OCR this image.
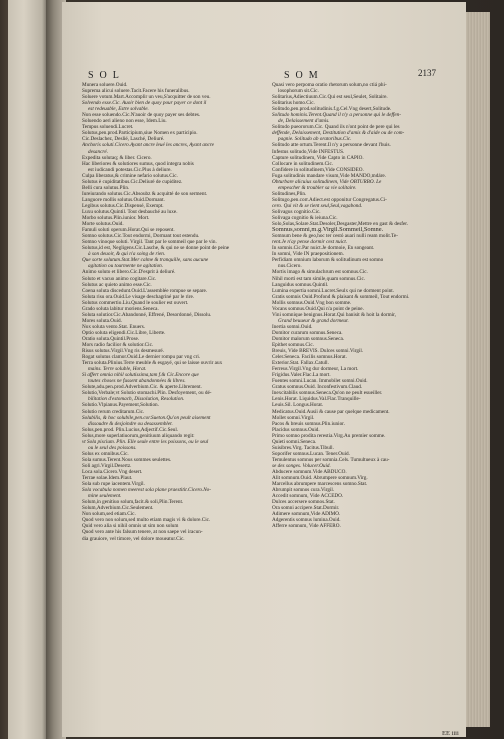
SOL	SOM	2137
Munera soluere.Ouid.
Suprema alicui soluere.Tacit.Facere his funeralibus.
Soluere votum.Mart.Accomplir un veu,S'acquitter de son veu.
Solvendo esse.Cic. Auoir bien de quoy pour payer ce dont il
est redeuable, Estre solvable.
Non esse soluendo.Cic.N'auoir de quoy payer ses debtes.
Soluendo aeri alieno non esse, Idem.Liu.
Tempus soluendi.Lucret.
Solutus,pen.prod.Participium,siue Nomen ex participio.
Cic.Deslachez, Deslié, Lasché, Deliuré.
Anchoris soluti.Cicero.Ayant ancre leué les ancres, Ayant ancre
desancré.
Expedita solutaq; & liber. Cicero.
Hac liberiores & solutiores sumus, quod integra nobis
est iudicandi potestas.Cic.Plus à deliure.
Culpa liberatus,& crimine nefario solutus.Cic.
Solutus è cupiditatibus.Cic.Deliuré de cupiditez.
Belli cura solutus.Plin.
Iureiurando solutus.Cic.Absoubz & acquitté de son serment.
Languore mollis solutus.Ouid.Dormant.
Legibus solutus.Cic.Dispensé, Exempt.
Luxu solutus.Quintil. Tout desbauché au luxe.
Morbo solutus.Plin.iunior. Mort.
Morte solutus.Ouid.
Famuli soluti operum.Horat.Qui se reposent.
Somno solutus.Cic.Tout endormi, Dormant tout estendu.
Somno vinoque soluti. Virgil. Tant par le sommeil que par le vin.
Solutus,id est, Negligens.Cic.Lasche, & qui ne se donne point de peine
à son deuoir, & qui n'a soing de rien.
Que sorte solutum.Stat.Mer calme & tranquille, sans aucune
agitation ou tourmente ne agitation.
Animo soluto et libero.Cic.D'esprit à deliuré.
Soluto et vacuo animo cogitare.Cic.
Solutus ac quieto animo esse.Cic.
Coena soluta discedunt.Ouid.L'assemblée rompue se separe.
Soluta risu ora.Ouid.Le visage deschagriné par le rire.
Solutus commertio.Liu.Quand le soulier est ouvert.
Grado soluta labitur moriens.Seneca.
Soluta solutior.Cic.Abandonné, Effrené, Desordonné, Dissolu.
Mores soluta.Ouid.
Nox soluta vento.Stat. Enuers.
Optio soluta eligendi.Cic.Libre, Liberte.
Oratio soluta.Quintil.Prose.
Mors radio facilior & solutior.Cic.
Risus solutus.Virgil.Vng ris desmesuré.
Rogat solutus clamor.Ouid.Le dernier rompu par vng cri.
Terra soluta.Plinius.Terre meuble & esgayé, qui se laisse ouvrir aux
mains. Terre soluble, Horat.
Si affert omnia nihil solutissima,tam f.& Cic.Encore que
toutes choses ne fussent abandonnées & libres.
Solute,adu.pen.prod.Adverbium.Cic. & aperte.Librement.
Solutio,Verbale;vt Solutio stomachi.Plin. Desfoyement, ou dé-
bilitation d'estomach, Dissolution, Resolution.
Solutio.Vlpianus.Payement,Solution.
Solutio rerum creditarum.Cic.
Solubilis, & hoc solubile,pen.cor.Sueton.Qu'on peult aisement
dissoudre & desjoindre ou desassembler.
Solus,pen.prod. Plin.Lucius,Adjectif.Cic.Seul.
Solus,more superlatiuorum,genitiuum aliquando regit:
vt Sola piscium. Plin. Elle seule entre les poissons, ou le seul
ou le seul des poissons.
Solus ex omnibus.Cic.
Sola sumus.Terent.Nous sommes seulettes.
Soli agri.Virgil.Desertz.
Loca sola.Cicero.Vng desert.
Terrae solae.Idem.Plaut.
Sola sub rupe iacentem.Virgil.
Sola vocabula nomen meerest sola plane praestitit.Cicero.No-
mine seulement.
Solum,in genitiuo solum,facit.& soli,Plin.Terent.
Solum,Adverbium.Cic.Seulement.
Non solum,sed etiam.Cic.
Quod vero non solum,sed multo etiam magis vi & dolore.Cic.
Quid vero alia si nihil omnis ut sim non solum
Quod vero ante his falsum tenere, at non saepe vel iracun-
dia grauiore, vel timore, vel dolore moueatur.Cic.
Quasi vero perpoma oratio rhetorum solum,no ctiá phi-
losophorum sit.Cic.
Solitarius,Adiectiuum.Cic.Qui est seul,Seulet, Solitaire.
Solitarius homo.Cic.
Solitudo,pen.prod.solitudinis.f.g.Cel.Vng desert,Solitude.
Solitudo hominis.Terent.Quand il n'y a personne qui le deffen-
de, Delaissement d'amis.
Solitudo pueororum.Cic. Quand ils n'ont point de pere qui les
deffende, Delaissement, Destitution d'amis & d'aide ou de com-
pagnie. Solitudo ab oratoribus.Cic.
Solitudo atte ortum.Terent.Il n'y a personne devant l'huis.
Infestus solitudo,Vide INFESTUS.
Capture solitudinem, Vide Capto in CAPIO.
Collocare in solitudinem.Cic.
Confidere in solitudinem,Vide CONSIDEO.
Fuga solitudinis mandare visum,Vide MANDO,mdáre.
Obturbare alicuius solitudinem, Vide OBTURBO. Le
empescher & troubler sa vie solitaire.
Solitudines,Plin.
Solitugo,pen.corr.Adiect.est opponitur Congregatus.Ci-
cero. Qui vit & se tient seul,Seul,vagabond.
Solivagus cognitio.Cic.
Solivaga cognitio & ieiuna.Cic.
Solo,Solas,Solare.Stat.Desoler,Desgaster,Mettre en gast & desfer.
Somnus,somni,m.g.Virgil.Sommeil,Somne.
Somnum bene & geo,hoc ter cestó auari nulli ream molit.Te-
rent.Je n'ay pense dormir cest nuict.
In somnis.Cic.Par nuict.Je dormoie, En songeant.
In somni, Vide IN praepositionem.
Perfidiam omnium laborum & solitudinum est somno
nus.Cicero.
Mortis imago & simulachrum est somnus.Cic.
Nihil morti est tam simile,quam somnus.Cic.
Languidus somnus.Quintil.
Lumina expertia somni.Lucret.Seulx qui ne dorment point.
Gratis somnis Ouid.Profond & plaisant & sommeil, Tout endormi.
Mollis somnus.Ouid.Vng bon somme.
Vocans somnus.Ouid.Qui n'a point de peine.
Vini somnique benignus.Horat.Qui banisit & hoit la dormir,
Grand beuueur & grand dormeur.
Inertia somni.Ouid.
Domitor curarum somnus.Seneca.
Domitor malorum somnus.Seneca.
Epithet somnus.Cic.
Breuis, Vide BREVIS. Dulces somni.Virgil.
Celer.Seneca. Facilis somnus.Horat.
Exterior.Stat. Fallax.Catull.
Ferreus.Virgil.Vng dur dormeur, La mort.
Frigidus.Valer.Flac.La mort.
Fuentes somni.Lucan. Immobilet somni.Ouid.
Gratus somnus.Ouid. Inconfestivum.Claud.
Inexcitabilis somnus.Seneca.Qu'on ne peult esueiller.
Lenis.Horat. Liquidus.Val.Flac.Tranquille-
Leuis.Sil. Longus.Horat.
Medicatus.Ouid.Ausii & cause par quelque medicament.
Mollet somni.Virgil.
Pacos & breuis somnus.Plin.iunior.
Placidus somnus.Ouid.
Primo somno prodita rerestia.Virg.Au premier somme.
Quieti somni.Seneca.
Suisibres.Virg. Tacitus.Tibull.
Soporifer somnus.Lucan. Tener.Ouid.
Temulentus somnus per somnia.Cels. Tumultueux à cau-
se des songes. Volucer.Ouid.
Abducere somnum.Vide ABDUCO.
Alit somnum.Ouid. Abrumpere somnum.Virg.
Marcellus abrumpere marcescens somno.Stat.
Abrumpit somnos cura.Virgil.
Accedit somnum, Vide ACCEDO.
Dulces accersere somnos.Stat.
Ora somni accipere.Stat.Dormir.
Adimere somnum,Vide ADIMO.
Adgerentis somnus lumina.Ouid.
Afferre somnum, Vide AFFERO.
EE iiii
